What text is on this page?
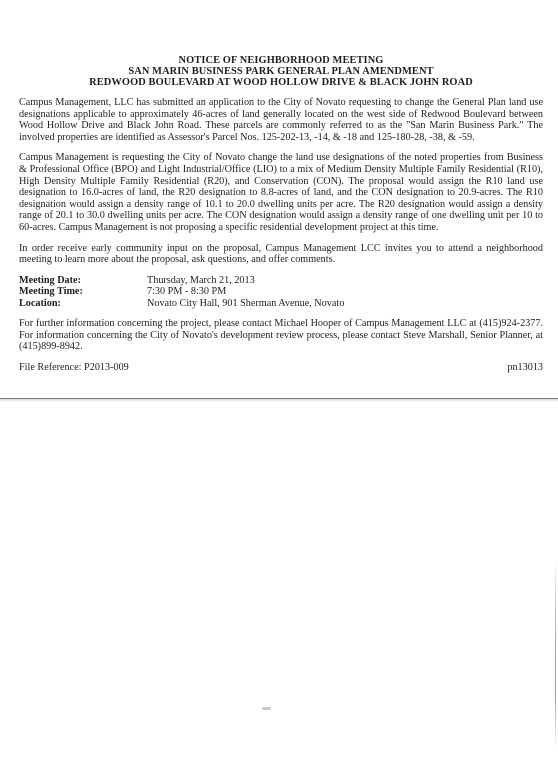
NOTICE OF NEIGHBORHOOD MEETING
SAN MARIN BUSINESS PARK GENERAL PLAN AMENDMENT
REDWOOD BOULEVARD AT WOOD HOLLOW DRIVE & BLACK JOHN ROAD

Campus Management, LLC has submitted an application to the City of Novato requesting to change the General Plan land use designations applicable to approximately 46-acres of land generally located on the west side of Redwood Boulevard between Wood Hollow Drive and Black John Road. These parcels are commonly referred to as the "San Marin Business Park." The involved properties are identified as Assessor's Parcel Nos. 125-202-13, -14, & -18 and 125-180-28, -38, & -59.

Campus Management is requesting the City of Novato change the land use designations of the noted properties from Business & Professional Office (BPO) and Light Industrial/Office (LIO) to a mix of Medium Density Multiple Family Residential (R10), High Density Multiple Family Residential (R20), and Conservation (CON). The proposal would assign the R10 land use designation to 16.0-acres of land, the R20 designation to 8.8-acres of land, and the CON designation to 20.9-acres. The R10 designation would assign a density range of 10.1 to 20.0 dwelling units per acre. The R20 designation would assign a density range of 20.1 to 30.0 dwelling units per acre. The CON designation would assign a density range of one dwelling unit per 10 to 60-acres. Campus Management is not proposing a specific residential development project at this time.

In order receive early community input on the proposal, Campus Management LCC invites you to attend a neighborhood meeting to learn more about the proposal, ask questions, and offer comments.

Meeting Date:	Thursday, March 21, 2013
Meeting Time:	7:30 PM - 8:30 PM
Location:	Novato City Hall, 901 Sherman Avenue, Novato

For further information concerning the project, please contact Michael Hooper of Campus Management LLC at (415)924-2377. For information concerning the City of Novato's development review process, please contact Steve Marshall, Senior Planner, at (415)899-8942.

File Reference: P2013-009	pn13013
